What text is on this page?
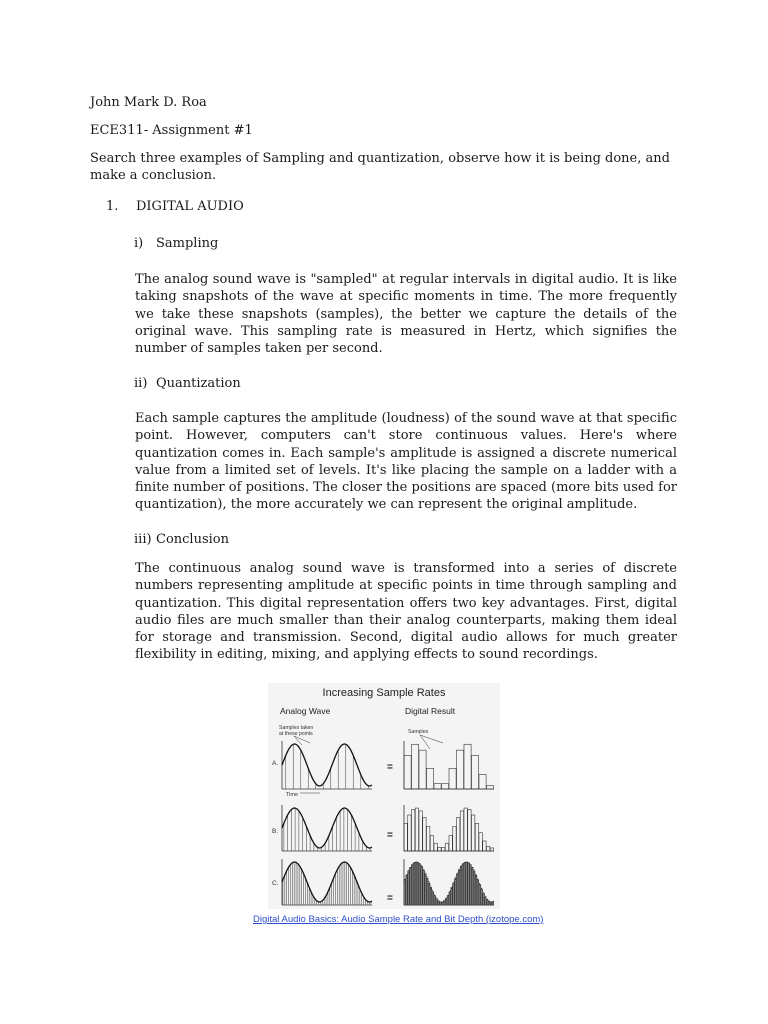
John Mark D. Roa
ECE311- Assignment #1
Search three examples of Sampling and quantization, observe how it is being done, and make a conclusion.
1. DIGITAL AUDIO
i) Sampling
The analog sound wave is "sampled" at regular intervals in digital audio. It is like taking snapshots of the wave at specific moments in time. The more frequently we take these snapshots (samples), the better we capture the details of the original wave. This sampling rate is measured in Hertz, which signifies the number of samples taken per second.
ii) Quantization
Each sample captures the amplitude (loudness) of the sound wave at that specific point. However, computers can't store continuous values. Here's where quantization comes in. Each sample's amplitude is assigned a discrete numerical value from a limited set of levels. It's like placing the sample on a ladder with a finite number of positions. The closer the positions are spaced (more bits used for quantization), the more accurately we can represent the original amplitude.
iii) Conclusion
The continuous analog sound wave is transformed into a series of discrete numbers representing amplitude at specific points in time through sampling and quantization. This digital representation offers two key advantages. First, digital audio files are much smaller than their analog counterparts, making them ideal for storage and transmission. Second, digital audio allows for much greater flexibility in editing, mixing, and applying effects to sound recordings.
Increasing Sample Rates
Analog Wave	Digital Result
Samples taken
at these points	Samples
Time
A.
B.
C.
=
=
=
Digital Audio Basics: Audio Sample Rate and Bit Depth (izotope.com)
